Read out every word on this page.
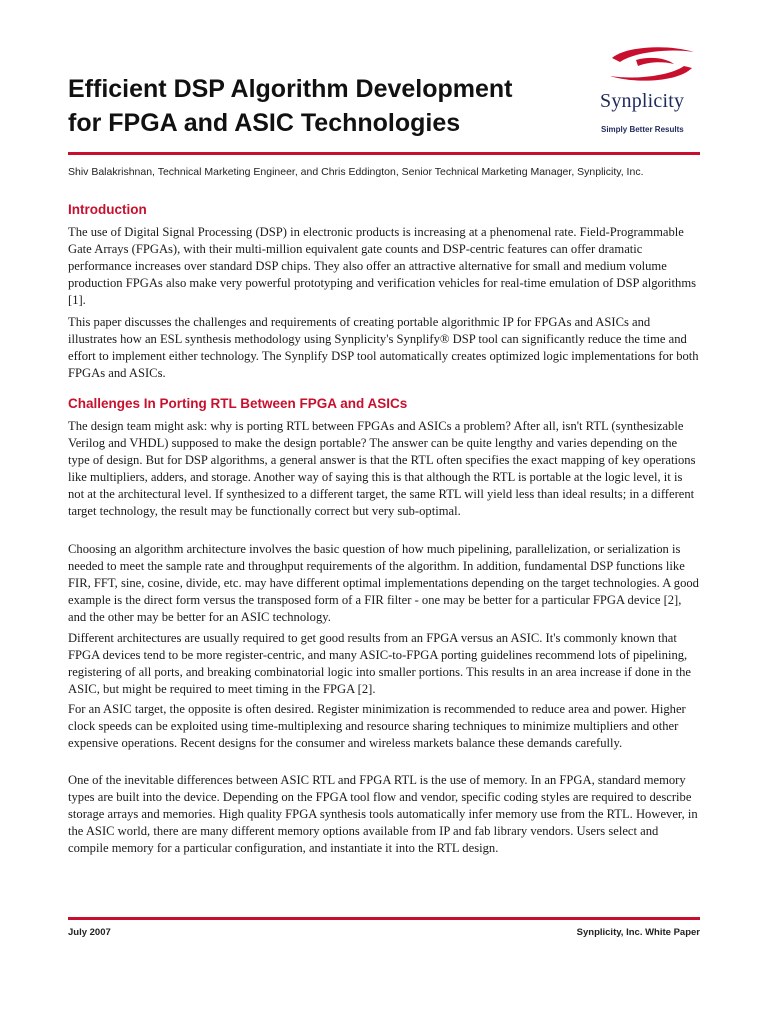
Efficient DSP Algorithm Development
for FPGA and ASIC Technologies
Synplicity
Simply Better Results
Shiv Balakrishnan, Technical Marketing Engineer, and Chris Eddington, Senior Technical Marketing Manager, Synplicity, Inc.
Introduction

The use of Digital Signal Processing (DSP) in electronic products is increasing at a phenomenal rate. Field-Programmable Gate Arrays (FPGAs), with their multi-million equivalent gate counts and DSP-centric features can offer dramatic performance increases over standard DSP chips. They also offer an attractive alternative for small and medium volume production FPGAs also make very powerful prototyping and verification vehicles for real-time emulation of DSP algorithms [1].

This paper discusses the challenges and requirements of creating portable algorithmic IP for FPGAs and ASICs and illustrates how an ESL synthesis methodology using Synplicity's Synplify® DSP tool can significantly reduce the time and effort to implement either technology. The Synplify DSP tool automatically creates optimized logic implementations for both FPGAs and ASICs.

Challenges In Porting RTL Between FPGA and ASICs

The design team might ask: why is porting RTL between FPGAs and ASICs a problem? After all, isn't RTL (synthesizable Verilog and VHDL) supposed to make the design portable? The answer can be quite lengthy and varies depending on the type of design. But for DSP algorithms, a general answer is that the RTL often specifies the exact mapping of key operations like multipliers, adders, and storage. Another way of saying this is that although the RTL is portable at the logic level, it is not at the architectural level. If synthesized to a different target, the same RTL will yield less than ideal results; in a different target technology, the result may be functionally correct but very sub-optimal.

Choosing an algorithm architecture involves the basic question of how much pipelining, parallelization, or serialization is needed to meet the sample rate and throughput requirements of the algorithm. In addition, fundamental DSP functions like FIR, FFT, sine, cosine, divide, etc. may have different optimal implementations depending on the target technologies. A good example is the direct form versus the transposed form of a FIR filter - one may be better for a particular FPGA device [2], and the other may be better for an ASIC technology.

Different architectures are usually required to get good results from an FPGA versus an ASIC. It's commonly known that FPGA devices tend to be more register-centric, and many ASIC-to-FPGA porting guidelines recommend lots of pipelining, registering of all ports, and breaking combinatorial logic into smaller portions. This results in an area increase if done in the ASIC, but might be required to meet timing in the FPGA [2].

For an ASIC target, the opposite is often desired. Register minimization is recommended to reduce area and power. Higher clock speeds can be exploited using time-multiplexing and resource sharing techniques to minimize multipliers and other expensive operations. Recent designs for the consumer and wireless markets balance these demands carefully.

One of the inevitable differences between ASIC RTL and FPGA RTL is the use of memory. In an FPGA, standard memory types are built into the device. Depending on the FPGA tool flow and vendor, specific coding styles are required to describe storage arrays and memories. High quality FPGA synthesis tools automatically infer memory use from the RTL. However, in the ASIC world, there are many different memory options available from IP and fab library vendors. Users select and compile memory for a particular configuration, and instantiate it into the RTL design.

July 2007	Synplicity, Inc. White Paper
